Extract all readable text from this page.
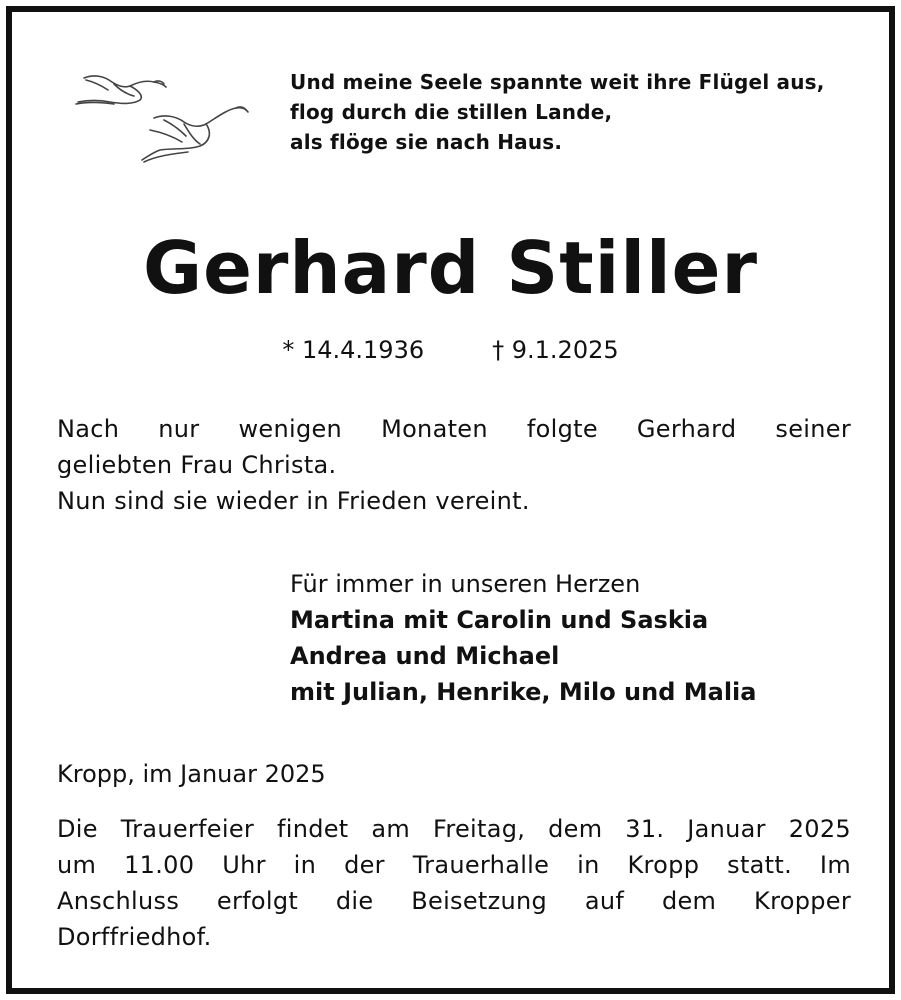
Und meine Seele spannte weit ihre Flügel aus,
flog durch die stillen Lande,
als flöge sie nach Haus.
Gerhard Stiller
* 14.4.1936	† 9.1.2025
Nach nur wenigen Monaten folgte Gerhard seiner
geliebten Frau Christa.
Nun sind sie wieder in Frieden vereint.
Für immer in unseren Herzen
Martina mit Carolin und Saskia
Andrea und Michael
mit Julian, Henrike, Milo und Malia
Kropp, im Januar 2025
Die Trauerfeier findet am Freitag, dem 31. Januar 2025
um 11.00 Uhr in der Trauerhalle in Kropp statt. Im
Anschluss erfolgt die Beisetzung auf dem Kropper
Dorffriedhof.
